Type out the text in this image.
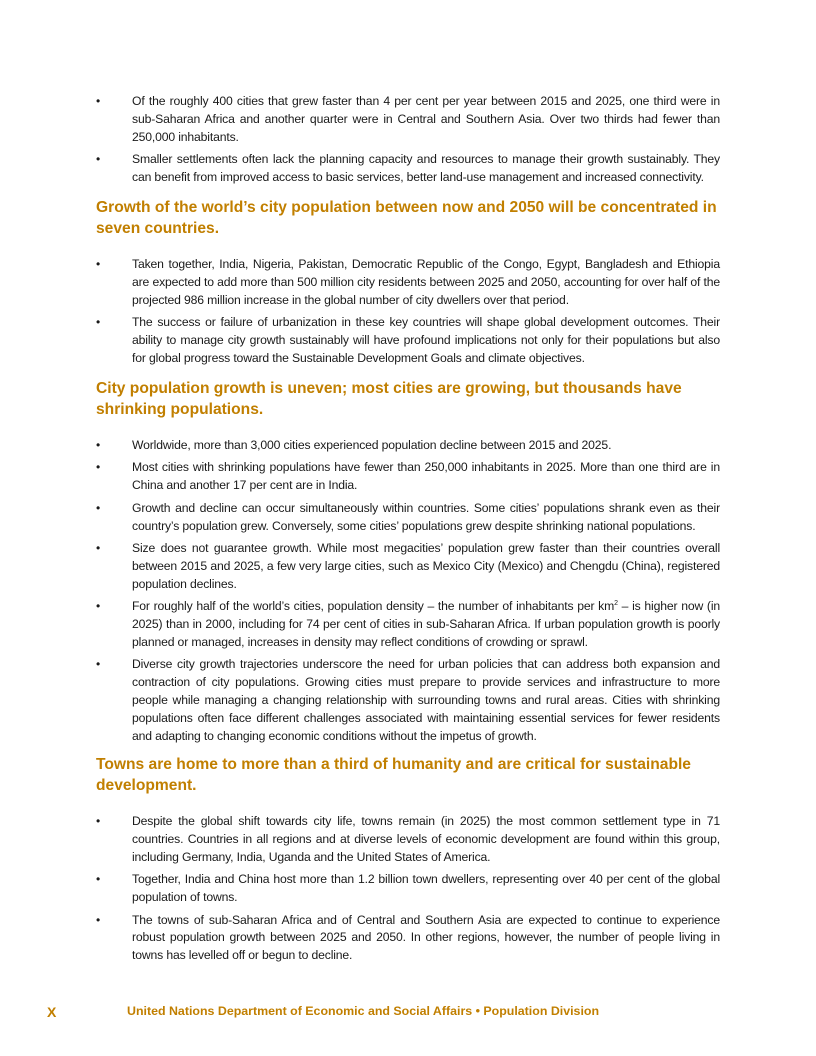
•	Of the roughly 400 cities that grew faster than 4 per cent per year between 2015 and 2025, one third were in sub-Saharan Africa and another quarter were in Central and Southern Asia. Over two thirds had fewer than 250,000 inhabitants.
•	Smaller settlements often lack the planning capacity and resources to manage their growth sustainably. They can benefit from improved access to basic services, better land-use management and increased connectivity.
Growth of the world’s city population between now and 2050 will be concentrated in seven countries.
•	Taken together, India, Nigeria, Pakistan, Democratic Republic of the Congo, Egypt, Bangladesh and Ethiopia are expected to add more than 500 million city residents between 2025 and 2050, accounting for over half of the projected 986 million increase in the global number of city dwellers over that period.
•	The success or failure of urbanization in these key countries will shape global development outcomes. Their ability to manage city growth sustainably will have profound implications not only for their populations but also for global progress toward the Sustainable Development Goals and climate objectives.
City population growth is uneven; most cities are growing, but thousands have shrinking populations.
•	Worldwide, more than 3,000 cities experienced population decline between 2015 and 2025.
•	Most cities with shrinking populations have fewer than 250,000 inhabitants in 2025. More than one third are in China and another 17 per cent are in India.
•	Growth and decline can occur simultaneously within countries. Some cities’ populations shrank even as their country’s population grew. Conversely, some cities’ populations grew despite shrinking national populations.
•	Size does not guarantee growth. While most megacities’ population grew faster than their countries overall between 2015 and 2025, a few very large cities, such as Mexico City (Mexico) and Chengdu (China), registered population declines.
•	For roughly half of the world’s cities, population density – the number of inhabitants per $km^2$ – is higher now (in 2025) than in 2000, including for 74 per cent of cities in sub-Saharan Africa. If urban population growth is poorly planned or managed, increases in density may reflect conditions of crowding or sprawl.
•	Diverse city growth trajectories underscore the need for urban policies that can address both expansion and contraction of city populations. Growing cities must prepare to provide services and infrastructure to more people while managing a changing relationship with surrounding towns and rural areas. Cities with shrinking populations often face different challenges associated with maintaining essential services for fewer residents and adapting to changing economic conditions without the impetus of growth.
Towns are home to more than a third of humanity and are critical for sustainable development.
•	Despite the global shift towards city life, towns remain (in 2025) the most common settlement type in 71 countries. Countries in all regions and at diverse levels of economic development are found within this group, including Germany, India, Uganda and the United States of America.
•	Together, India and China host more than 1.2 billion town dwellers, representing over 40 per cent of the global population of towns.
•	The towns of sub-Saharan Africa and of Central and Southern Asia are expected to continue to experience robust population growth between 2025 and 2050. In other regions, however, the number of people living in towns has levelled off or begun to decline.
X	United Nations Department of Economic and Social Affairs • Population Division
